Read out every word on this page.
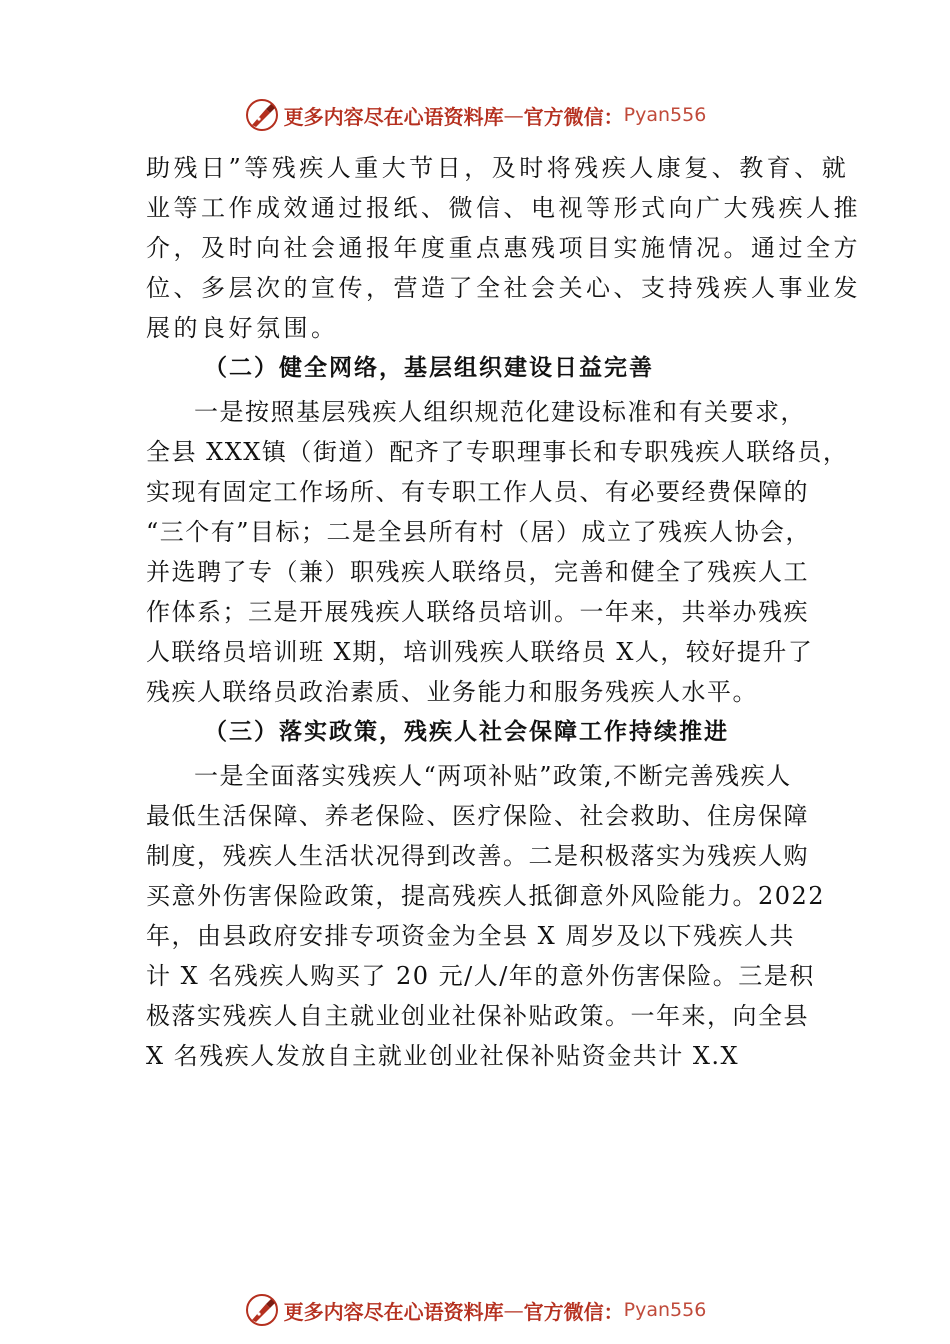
更多内容尽在心语资料库 — 官方微信： Pyan556
助残日”等残疾人重大节日，及时将残疾人康复、教育、就
业等工作成效通过报纸、微信、电视等形式向广大残疾人推
介，及时向社会通报年度重点惠残项目实施情况。通过全方
位、多层次的宣传，营造了全社会关心、支持残疾人事业发
展的良好氛围。
（二）健全网络，基层组织建设日益完善
一是按照基层残疾人组织规范化建设标准和有关要求，
全县 XXX镇（街道）配齐了专职理事长和专职残疾人联络员，
实现有固定工作场所、有专职工作人员、有必要经费保障的
“三个有”目标；二是全县所有村（居）成立了残疾人协会，
并选聘了专（兼）职残疾人联络员，完善和健全了残疾人工
作体系；三是开展残疾人联络员培训。一年来，共举办残疾
人联络员培训班 X期，培训残疾人联络员 X人，较好提升了
残疾人联络员政治素质、业务能力和服务残疾人水平。
（三）落实政策，残疾人社会保障工作持续推进
一是全面落实残疾人“两项补贴”政策,不断完善残疾人
最低生活保障、养老保险、医疗保险、社会救助、住房保障
制度，残疾人生活状况得到改善。二是积极落实为残疾人购
买意外伤害保险政策，提高残疾人抵御意外风险能力。2022
年，由县政府安排专项资金为全县 X 周岁及以下残疾人共
计 X 名残疾人购买了 20 元/人/年的意外伤害保险。三是积
极落实残疾人自主就业创业社保补贴政策。一年来，向全县
X 名残疾人发放自主就业创业社保补贴资金共计 X.X
更多内容尽在心语资料库 — 官方微信： Pyan556
